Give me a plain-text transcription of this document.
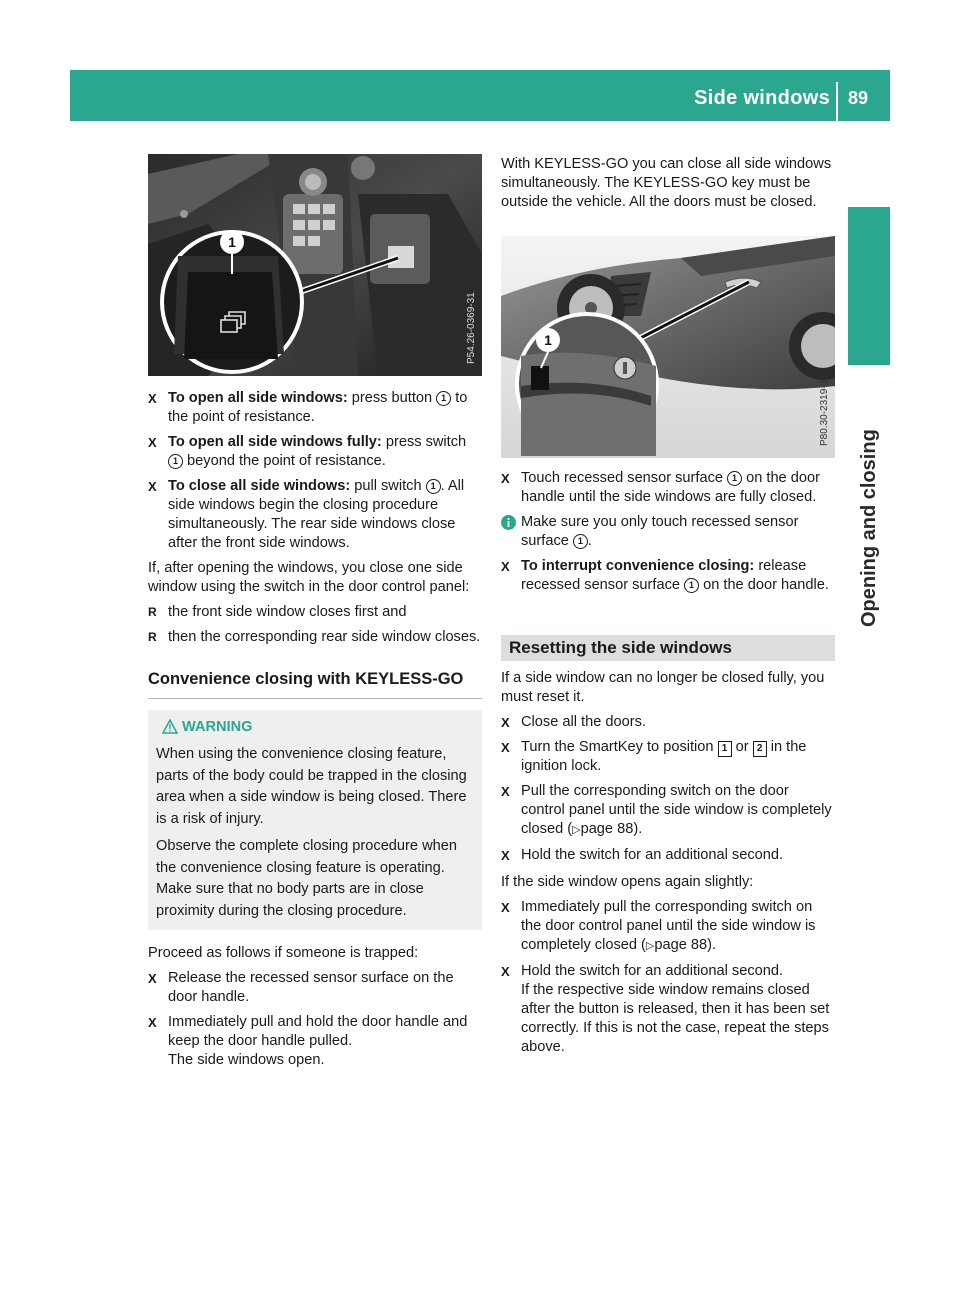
Side windows 89
Opening and closing
1
P54.26-0369-31

X To open all side windows: press button 1 to the point of resistance.

X To open all side windows fully: press switch 1 beyond the point of resistance.

X To close all side windows: pull switch 1 . All side windows begin the closing procedure simultaneously. The rear side windows close after the front side windows.

If, after opening the windows, you close one side window using the switch in the door control panel:

R the front side window closes first and

R then the corresponding rear side window closes.

Convenience closing with KEYLESS-GO

WARNING

When using the convenience closing feature, parts of the body could be trapped in the closing area when a side window is being closed. There is a risk of injury.

Observe the complete closing procedure when the convenience closing feature is operating. Make sure that no body parts are in close proximity during the closing procedure.

Proceed as follows if someone is trapped:

X Release the recessed sensor surface on the door handle.

X Immediately pull and hold the door handle and keep the door handle pulled.
The side windows open.

With KEYLESS-GO you can close all side windows simultaneously. The KEYLESS-GO key must be outside the vehicle. All the doors must be closed.

1
P80.30-2319-31

X Touch recessed sensor surface 1 on the door handle until the side windows are fully closed.

Make sure you only touch recessed sensor surface 1 .

X To interrupt convenience closing: release recessed sensor surface 1 on the door handle.

Resetting the side windows

If a side window can no longer be closed fully, you must reset it.

X Close all the doors.

X Turn the SmartKey to position 1 or 2 in the ignition lock.

X Pull the corresponding switch on the door control panel until the side window is completely closed (▷page 88).

X Hold the switch for an additional second.

If the side window opens again slightly:

X Immediately pull the corresponding switch on the door control panel until the side window is completely closed (▷page 88).

X Hold the switch for an additional second.
If the respective side window remains closed after the button is released, then it has been set correctly. If this is not the case, repeat the steps above.
